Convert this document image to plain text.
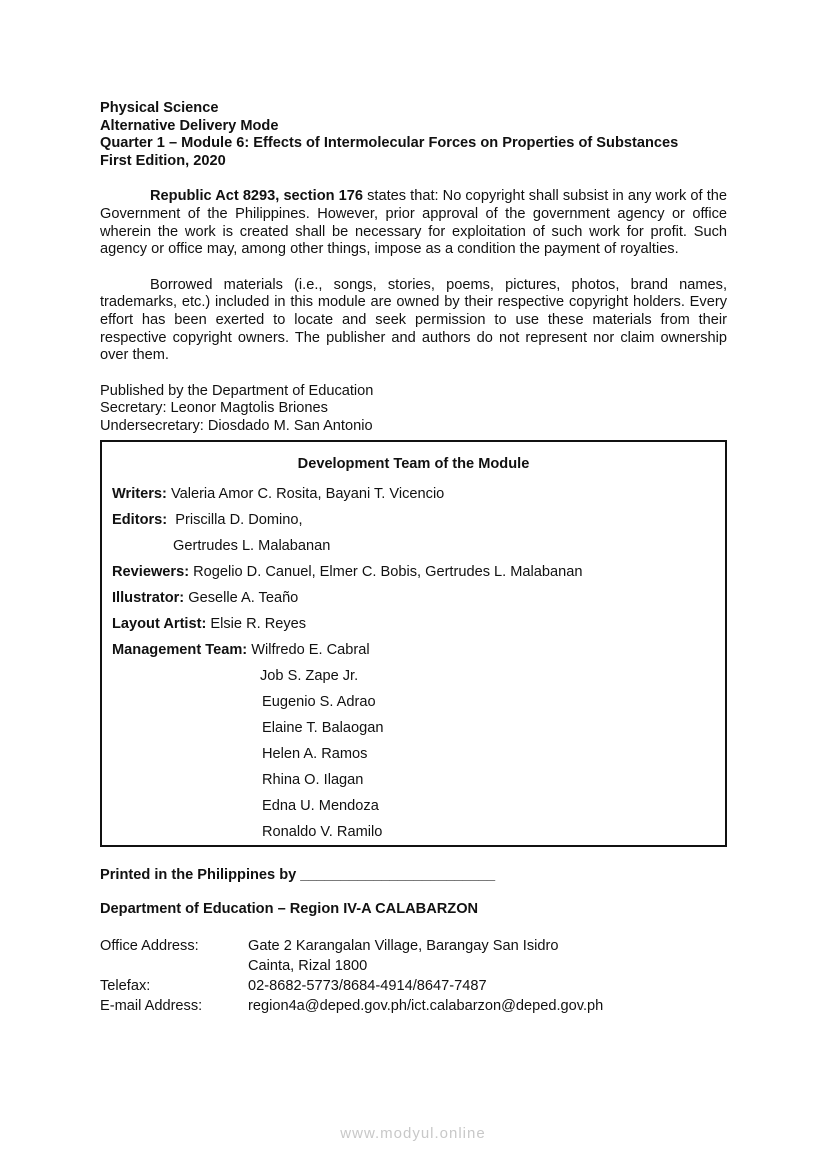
Physical Science
Alternative Delivery Mode
Quarter 1 – Module 6: Effects of Intermolecular Forces on Properties of Substances
First Edition, 2020
Republic Act 8293, section 176 states that: No copyright shall subsist in any work of the Government of the Philippines. However, prior approval of the government agency or office wherein the work is created shall be necessary for exploitation of such work for profit. Such agency or office may, among other things, impose as a condition the payment of royalties.
Borrowed materials (i.e., songs, stories, poems, pictures, photos, brand names, trademarks, etc.) included in this module are owned by their respective copyright holders. Every effort has been exerted to locate and seek permission to use these materials from their respective copyright owners. The publisher and authors do not represent nor claim ownership over them.
Published by the Department of Education
Secretary: Leonor Magtolis Briones
Undersecretary: Diosdado M. San Antonio
Development Team of the Module
Writers: Valeria Amor C. Rosita, Bayani T. Vicencio
Editors:  Priscilla D. Domino,
Gertrudes L. Malabanan
Reviewers: Rogelio D. Canuel, Elmer C. Bobis, Gertrudes L. Malabanan
Illustrator: Geselle A. Teaño
Layout Artist: Elsie R. Reyes
Management Team: Wilfredo E. Cabral
Job S. Zape Jr.
Eugenio S. Adrao
Elaine T. Balaogan
Helen A. Ramos
Rhina O. Ilagan
Edna U. Mendoza
Ronaldo V. Ramilo
Printed in the Philippines by ________________________
Department of Education – Region IV-A CALABARZON
Office Address:	Gate 2 Karangalan Village, Barangay San Isidro
Cainta, Rizal 1800
Telefax:	02-8682-5773/8684-4914/8647-7487
E-mail Address:	region4a@deped.gov.ph/ict.calabarzon@deped.gov.ph
www.modyul.online
